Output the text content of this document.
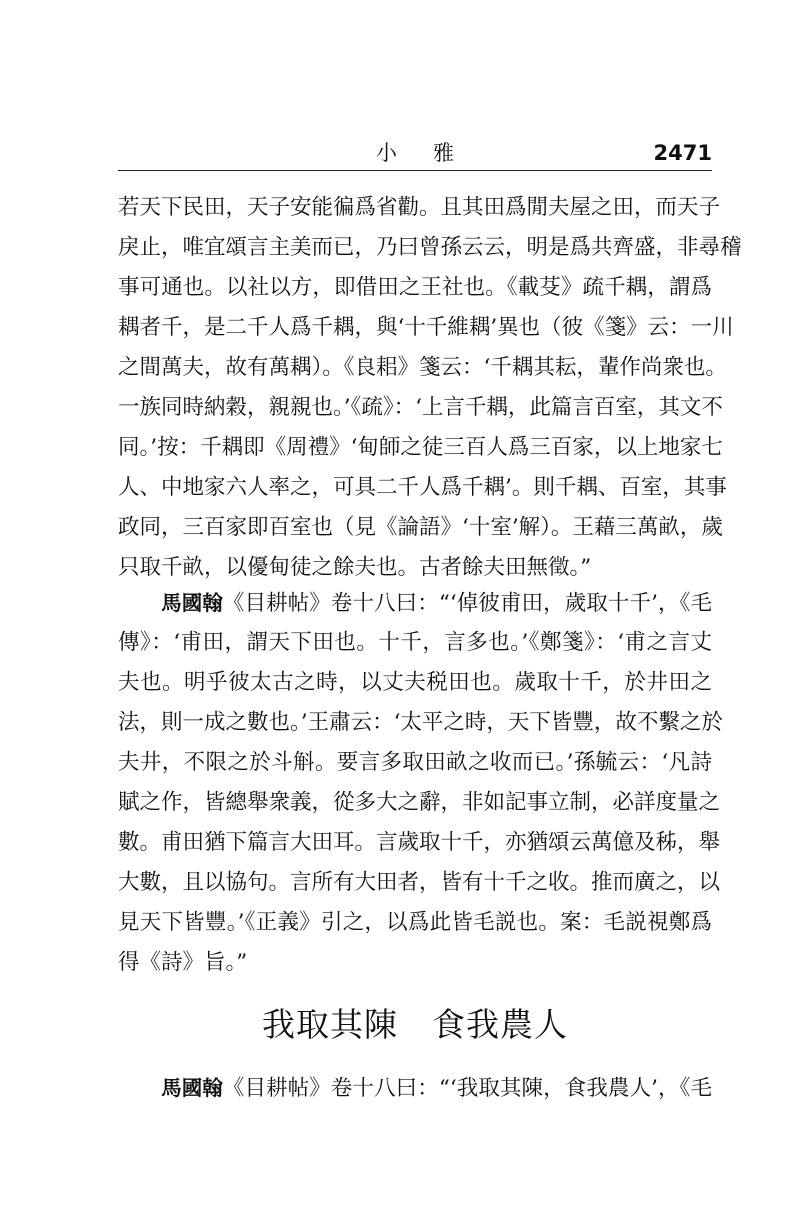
小雅	2471
若天下民田，天子安能徧爲省勸。且其田爲閒夫屋之田，而天子
戾止，唯宜頌言主美而已，乃曰曾孫云云，明是爲共齊盛，非尋稽
事可通也。以社以方，即借田之王社也。《載芟》疏千耦，謂爲
耦者千，是二千人爲千耦，與‘十千維耦’異也（彼《箋》云：一川
之間萬夫，故有萬耦）。《良耜》箋云：‘千耦其耘，輩作尚衆也。
一族同時納穀，親親也。’《疏》：‘上言千耦，此篇言百室，其文不
同。’按：千耦即《周禮》‘甸師之徒三百人爲三百家，以上地家七
人、中地家六人率之，可具二千人爲千耦’。則千耦、百室，其事
政同，三百家即百室也（見《論語》‘十室’解）。王藉三萬畝，歲
只取千畝，以優甸徒之餘夫也。古者餘夫田無徵。”
馬國翰《目耕帖》卷十八曰：“‘倬彼甫田，歲取十千’，《毛
傳》：‘甫田，謂天下田也。十千，言多也。’《鄭箋》：‘甫之言丈
夫也。明乎彼太古之時，以丈夫税田也。歲取十千，於井田之
法，則一成之數也。’王肅云：‘太平之時，天下皆豐，故不繫之於
夫井，不限之於斗斛。要言多取田畝之收而已。’孫毓云：‘凡詩
賦之作，皆總舉衆義，從多大之辭，非如記事立制，必詳度量之
數。甫田猶下篇言大田耳。言歲取十千，亦猶頌云萬億及秭，舉
大數，且以協句。言所有大田者，皆有十千之收。推而廣之，以
見天下皆豐。’《正義》引之，以爲此皆毛説也。案：毛説視鄭爲
得《詩》旨。”
我取其陳　食我農人
馬國翰《目耕帖》卷十八曰：“‘我取其陳，食我農人’，《毛
